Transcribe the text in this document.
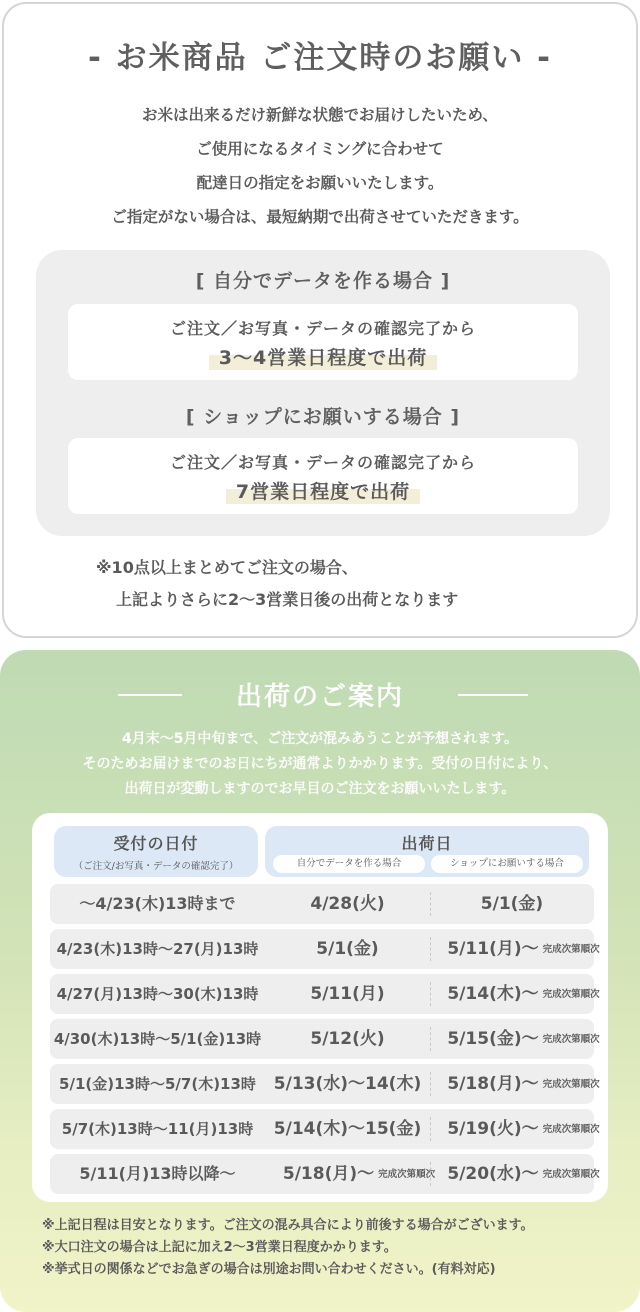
- お米商品 ご注文時のお願い -
お米は出来るだけ新鮮な状態でお届けしたいため、
ご使用になるタイミングに合わせて
配達日の指定をお願いいたします。
ご指定がない場合は、最短納期で出荷させていただきます。
[ 自分でデータを作る場合 ]
ご注文／お写真・データの確認完了から
3〜4営業日程度で出荷
[ ショップにお願いする場合 ]
ご注文／お写真・データの確認完了から
7営業日程度で出荷
※10点以上まとめてご注文の場合、
上記よりさらに2〜3営業日後の出荷となります
出荷のご案内
4月末〜5月中旬まで、ご注文が混みあうことが予想されます。
そのためお届けまでのお日にちが通常よりかかります。受付の日付により、
出荷日が変動しますのでお早目のご注文をお願いいたします。
受付の日付
（ご注文/お写真・データの確認完了）
出荷日
自分でデータを作る場合	ショップにお願いする場合
〜4/23(木)13時まで	4/28(火)	5/1(金)
4/23(木)13時〜27(月)13時	5/1(金)	5/11(月)〜 完成次第順次
4/27(月)13時〜30(木)13時	5/11(月)	5/14(木)〜 完成次第順次
4/30(木)13時〜5/1(金)13時	5/12(火)	5/15(金)〜 完成次第順次
5/1(金)13時〜5/7(木)13時	5/13(水)〜14(木)	5/18(月)〜 完成次第順次
5/7(木)13時〜11(月)13時	5/14(木)〜15(金)	5/19(火)〜 完成次第順次
5/11(月)13時以降〜	5/18(月)〜 完成次第順次 5/20(水)〜 完成次第順次
※上記日程は目安となります。ご注文の混み具合により前後する場合がございます。
※大口注文の場合は上記に加え2〜3営業日程度かかります。
※挙式日の関係などでお急ぎの場合は別途お問い合わせください。(有料対応)
